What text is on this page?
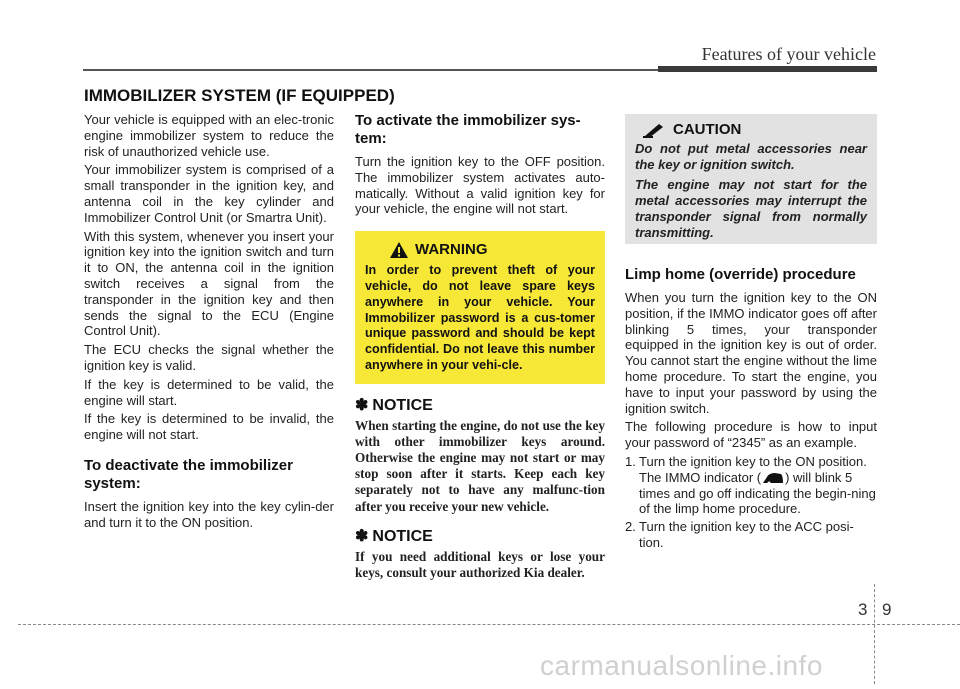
Features of your vehicle
IMMOBILIZER SYSTEM (IF EQUIPPED)

Your vehicle is equipped with an elec-tronic engine immobilizer system to reduce the risk of unauthorized vehicle use.

Your immobilizer system is comprised of a small transponder in the ignition key, and antenna coil in the key cylinder and Immobilizer Control Unit (or Smartra Unit).

With this system, whenever you insert your ignition key into the ignition switch and turn it to ON, the antenna coil in the ignition switch receives a signal from the transponder in the ignition key and then sends the signal to the ECU (Engine Control Unit).

The ECU checks the signal whether the ignition key is valid.

If the key is determined to be valid, the engine will start.

If the key is determined to be invalid, the engine will not start.

To deactivate the immobilizer system:

Insert the ignition key into the key cylin-der and turn it to the ON position.

To activate the immobilizer sys-tem:

Turn the ignition key to the OFF position. The immobilizer system activates auto-matically. Without a valid ignition key for your vehicle, the engine will not start.

WARNING

In order to prevent theft of your vehicle, do not leave spare keys anywhere in your vehicle. Your Immobilizer password is a cus-tomer unique password and should be kept confidential. Do not leave this number anywhere in your vehi-cle.

✽ NOTICE

When starting the engine, do not use the key with other immobilizer keys around. Otherwise the engine may not start or may stop soon after it starts. Keep each key separately not to have any malfunc-tion after you receive your new vehicle.

✽ NOTICE

If you need additional keys or lose your keys, consult your authorized Kia dealer.

CAUTION

Do not put metal accessories near the key or ignition switch.

The engine may not start for the metal accessories may interrupt the transponder signal from normally transmitting.

Limp home (override) procedure

When you turn the ignition key to the ON position, if the IMMO indicator goes off after blinking 5 times, your transponder equipped in the ignition key is out of order. You cannot start the engine without the lime home procedure. To start the engine, you have to input your password by using the ignition switch.

The following procedure is how to input your password of “2345” as an example.

1. Turn the ignition key to the ON position. The IMMO indicator ( ) will blink 5 times and go off indicating the begin-ning of the limp home procedure.
2. Turn the ignition key to the ACC posi-tion.
3 9
carmanualsonline.info
